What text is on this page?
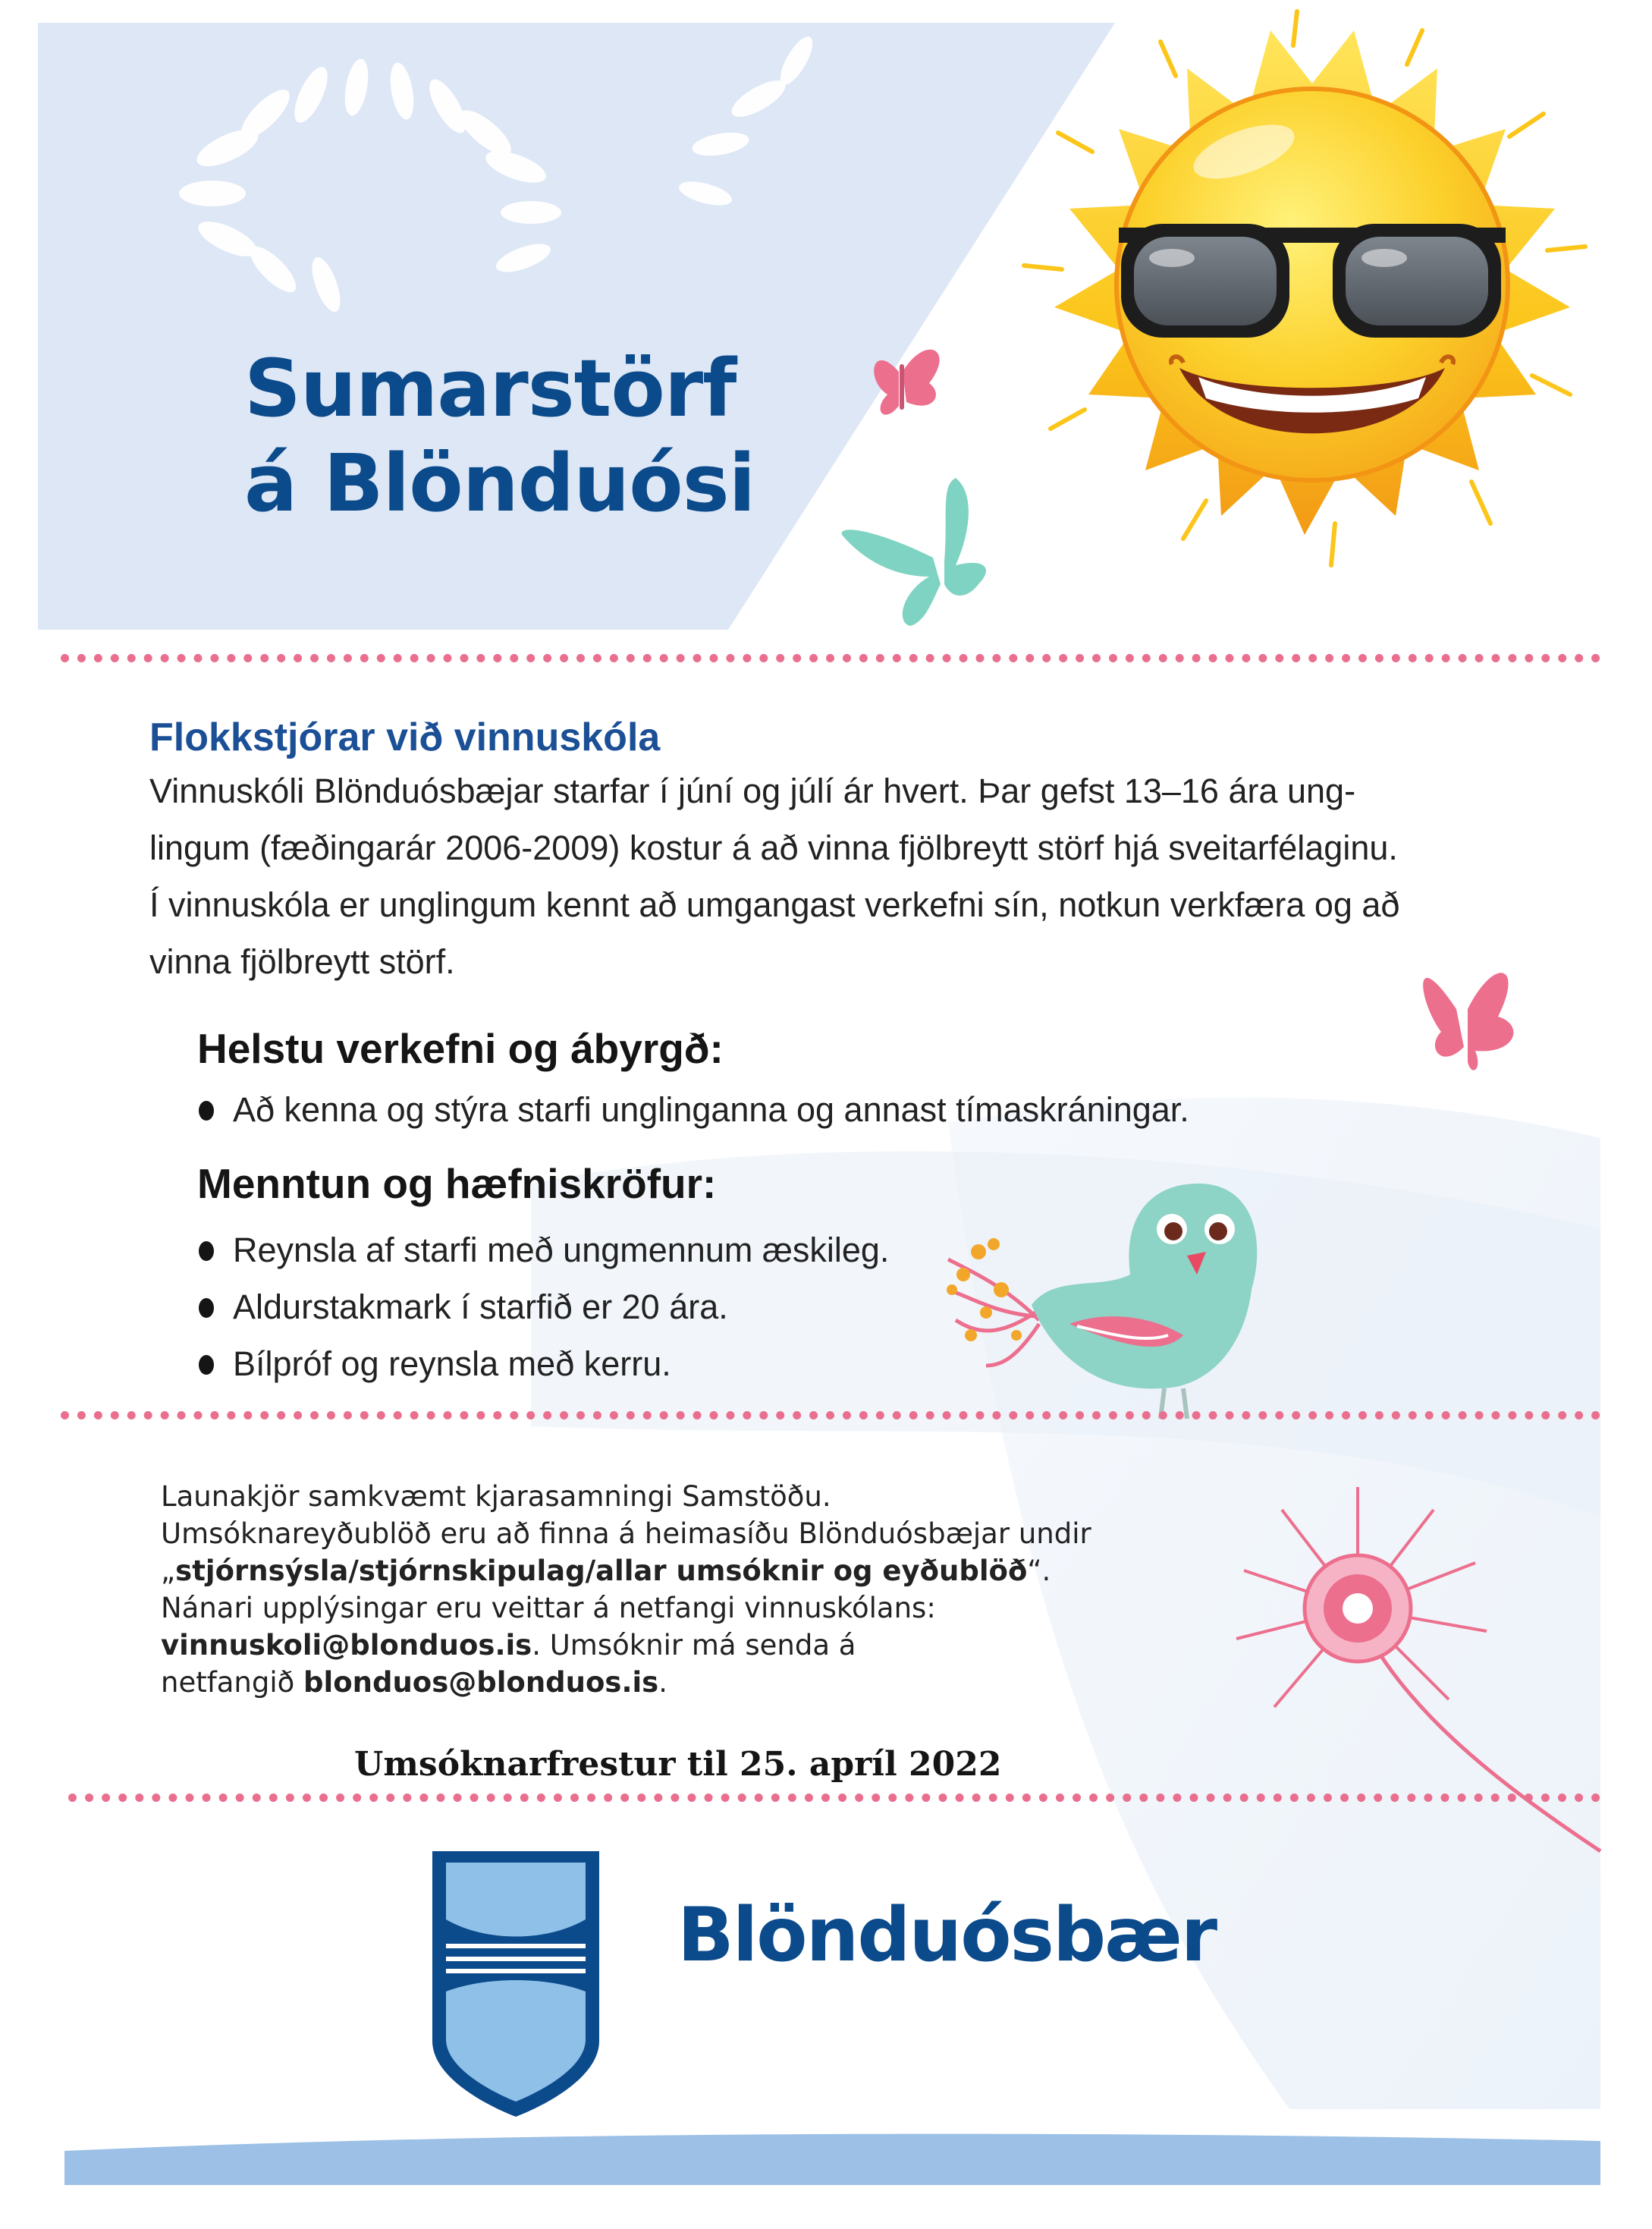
Sumarstörf
á Blönduósi
Flokkstjórar við vinnuskóla

Vinnuskóli Blönduósbæjar starfar í júní og júlí ár hvert. Þar gefst 13–16 ára ung-

lingum (fæðingarár 2006-2009) kostur á að vinna fjölbreytt störf hjá sveitarfélaginu.

Í vinnuskóla er unglingum kennt að umgangast verkefni sín, notkun verkfæra og að

vinna fjölbreytt störf.

Helstu verkefni og ábyrgð:
Að kenna og stýra starfi unglinganna og annast tímaskráningar.
Menntun og hæfniskröfur:
Reynsla af starfi með ungmennum æskileg.
Aldurstakmark í starfið er 20 ára.
Bílpróf og reynsla með kerru.

Launakjör samkvæmt kjarasamningi Samstöðu.

Umsóknareyðublöð eru að finna á heimasíðu Blönduósbæjar undir

„stjórnsýsla/stjórnskipulag/allar umsóknir og eyðublöð“.

Nánari upplýsingar eru veittar á netfangi vinnuskólans:

vinnuskoli@blonduos.is. Umsóknir má senda á

netfangið blonduos@blonduos.is.

Umsóknarfrestur til 25. apríl 2022
Blönduósbær
